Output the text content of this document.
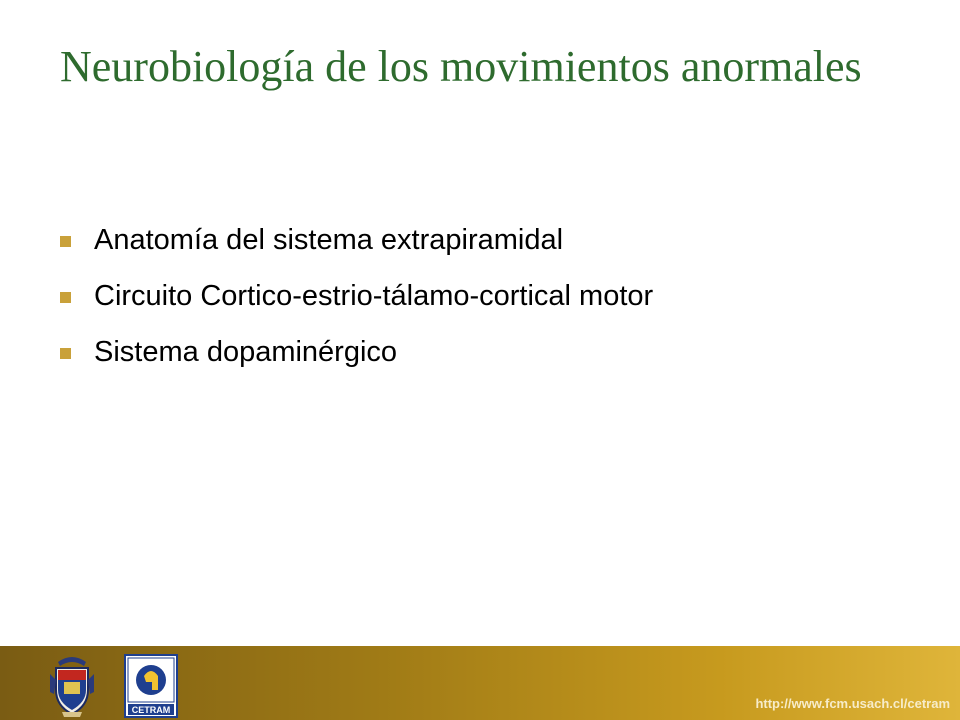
Neurobiología de los movimientos anormales
Anatomía del sistema extrapiramidal
Circuito Cortico-estrio-tálamo-cortical motor
Sistema dopaminérgico
CETRAM	http://www.fcm.usach.cl/cetram
